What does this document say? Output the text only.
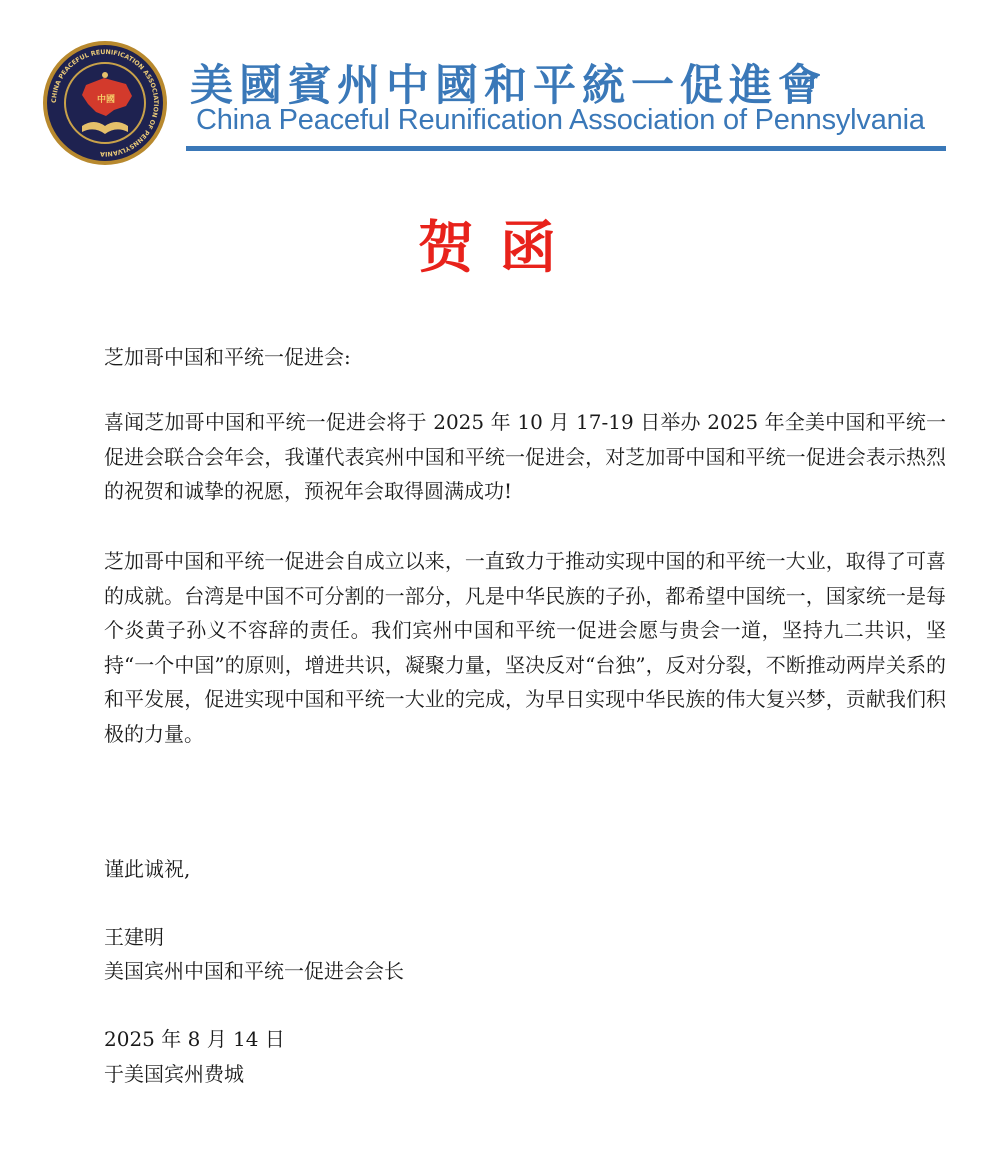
CHINA PEACEFUL REUNIFICATION ASSOCIATION OF PENNSYLVANIA
中國 美國賓州中國和平統一促進會
China Peaceful Reunification Association of Pennsylvania
贺函

芝加哥中国和平统一促进会:

喜闻芝加哥中国和平统一促进会将于 2025 年 10 月 17-19 日举办 2025 年全美中国和平统一促进会联合会年会，我谨代表宾州中国和平统一促进会，对芝加哥中国和平统一促进会表示热烈的祝贺和诚挚的祝愿，预祝年会取得圆满成功!

芝加哥中国和平统一促进会自成立以来，一直致力于推动实现中国的和平统一大业，取得了可喜的成就。台湾是中国不可分割的一部分，凡是中华民族的子孙，都希望中国统一，国家统一是每个炎黄子孙义不容辞的责任。我们宾州中国和平统一促进会愿与贵会一道，坚持九二共识，坚持“一个中国”的原则，增进共识，凝聚力量，坚决反对“台独”，反对分裂，不断推动两岸关系的和平发展，促进实现中国和平统一大业的完成，为早日实现中华民族的伟大复兴梦，贡献我们积极的力量。

谨此诚祝,

王建明

美国宾州中国和平统一促进会会长

2025 年 8 月 14 日

于美国宾州费城
